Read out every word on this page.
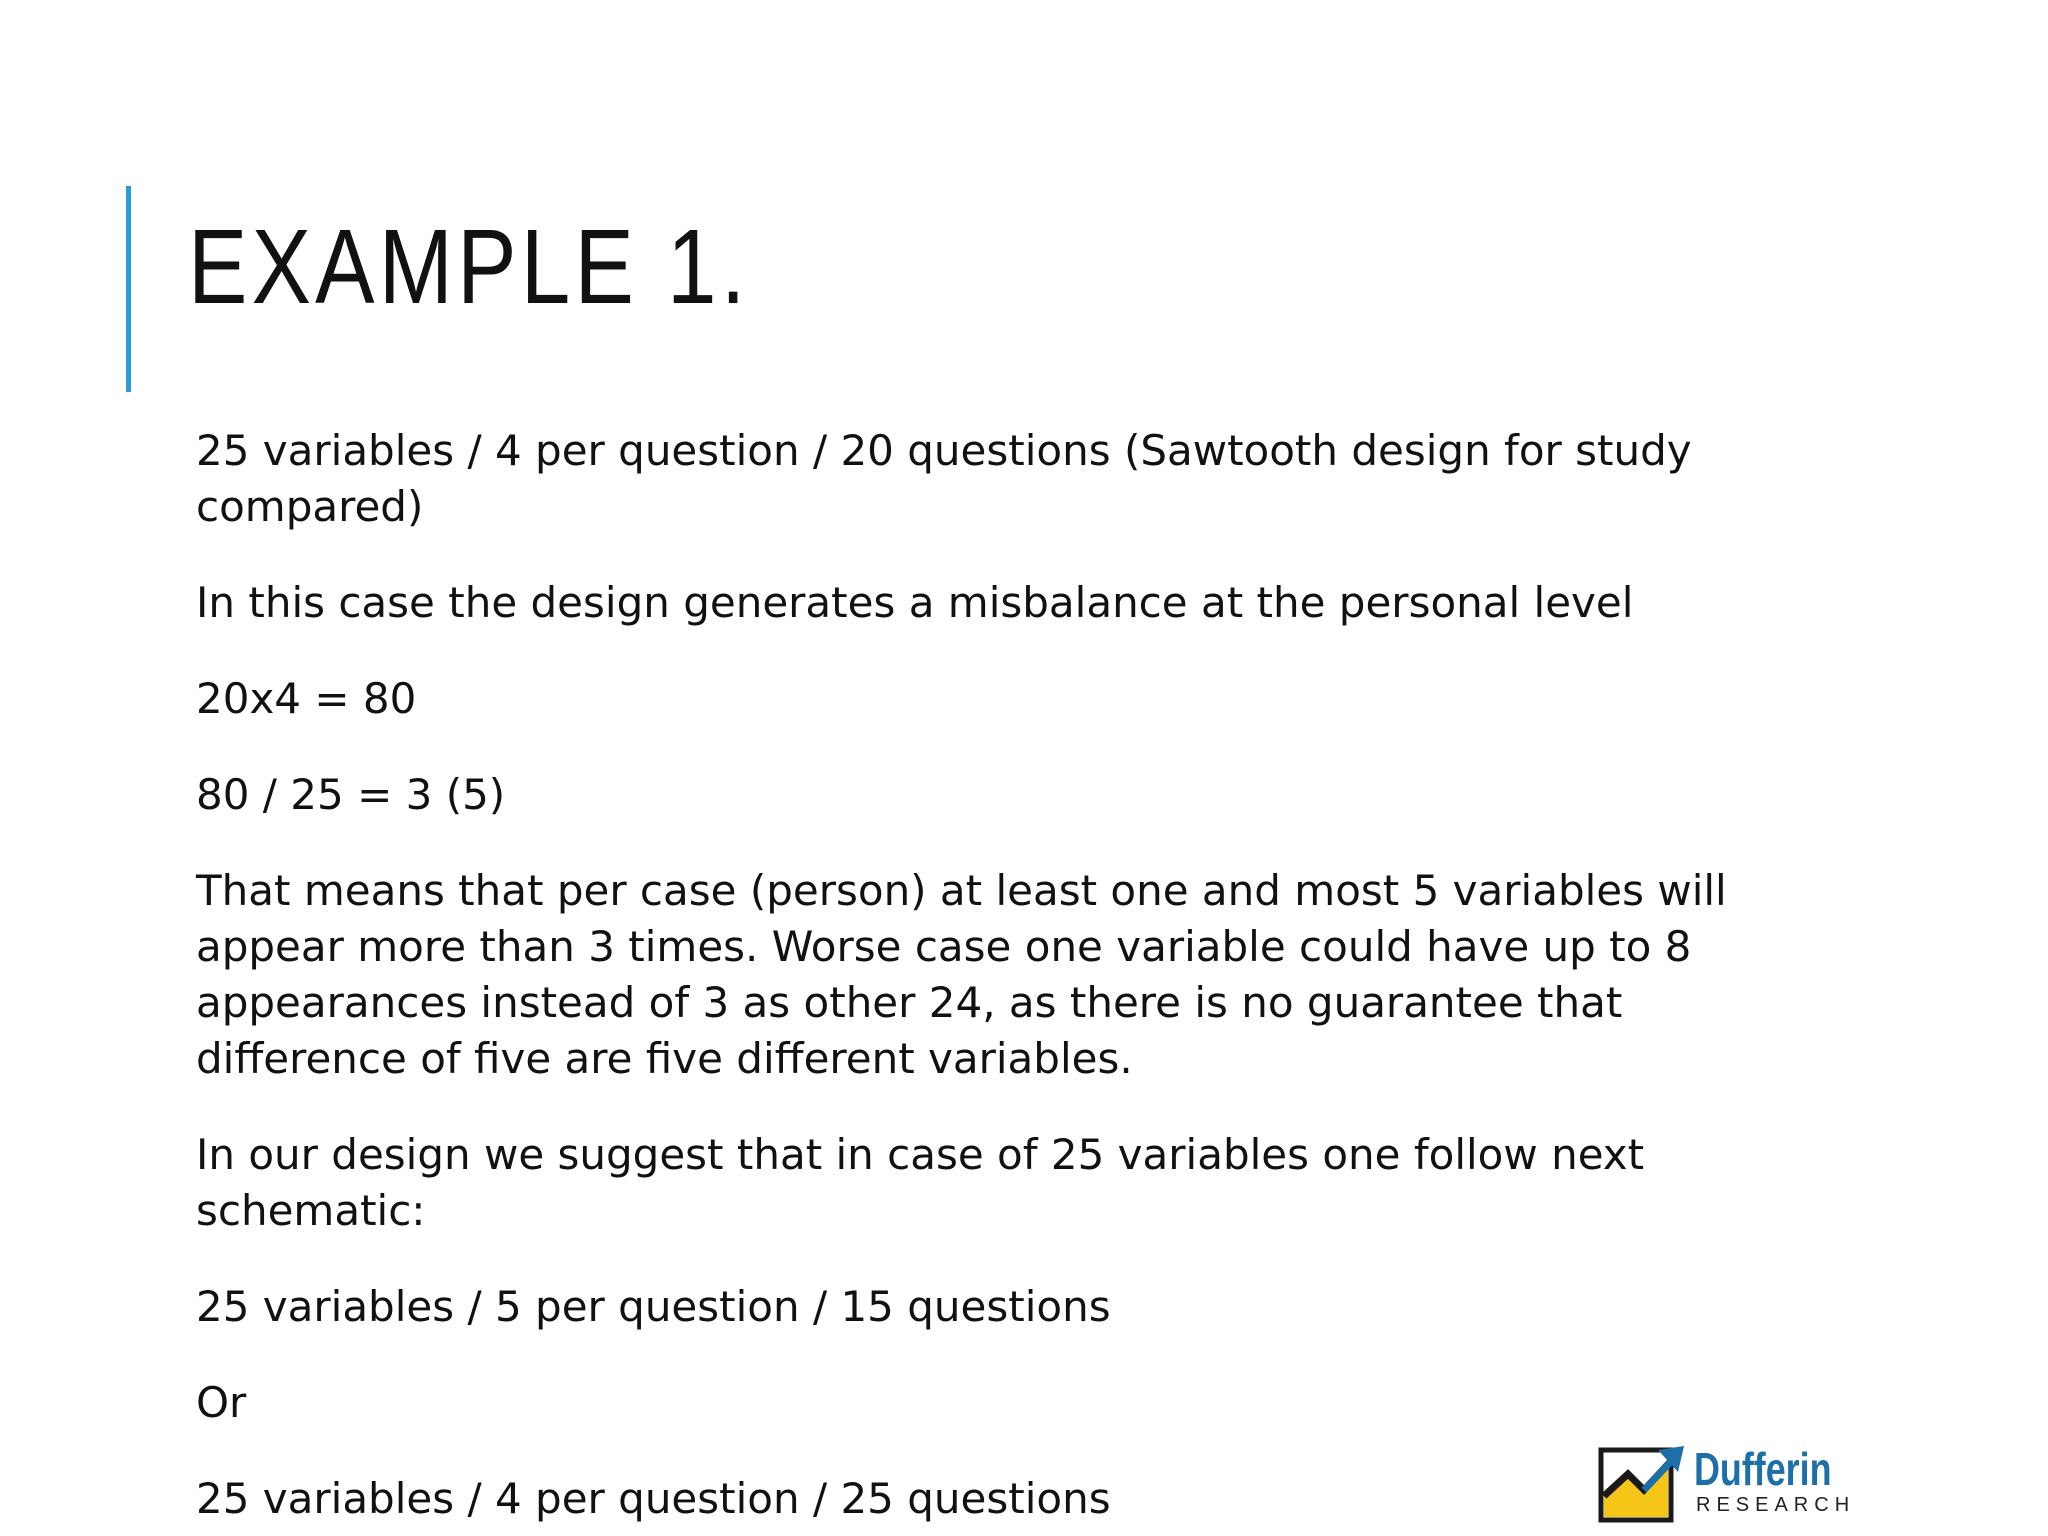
EXAMPLE 1.

25 variables / 4 per question / 20 questions (Sawtooth design for study compared)

In this case the design generates a misbalance at the personal level

20x4 = 80

80 / 25 = 3 (5)

That means that per case (person) at least one and most 5 variables will appear more than 3 times. Worse case one variable could have up to 8 appearances instead of 3 as other 24, as there is no guarantee that difference of five are five different variables.

In our design we suggest that in case of 25 variables one follow next schematic:

25 variables / 5 per question / 15 questions

Or

25 variables / 4 per question / 25 questions

Dufferin
RESEARCH
